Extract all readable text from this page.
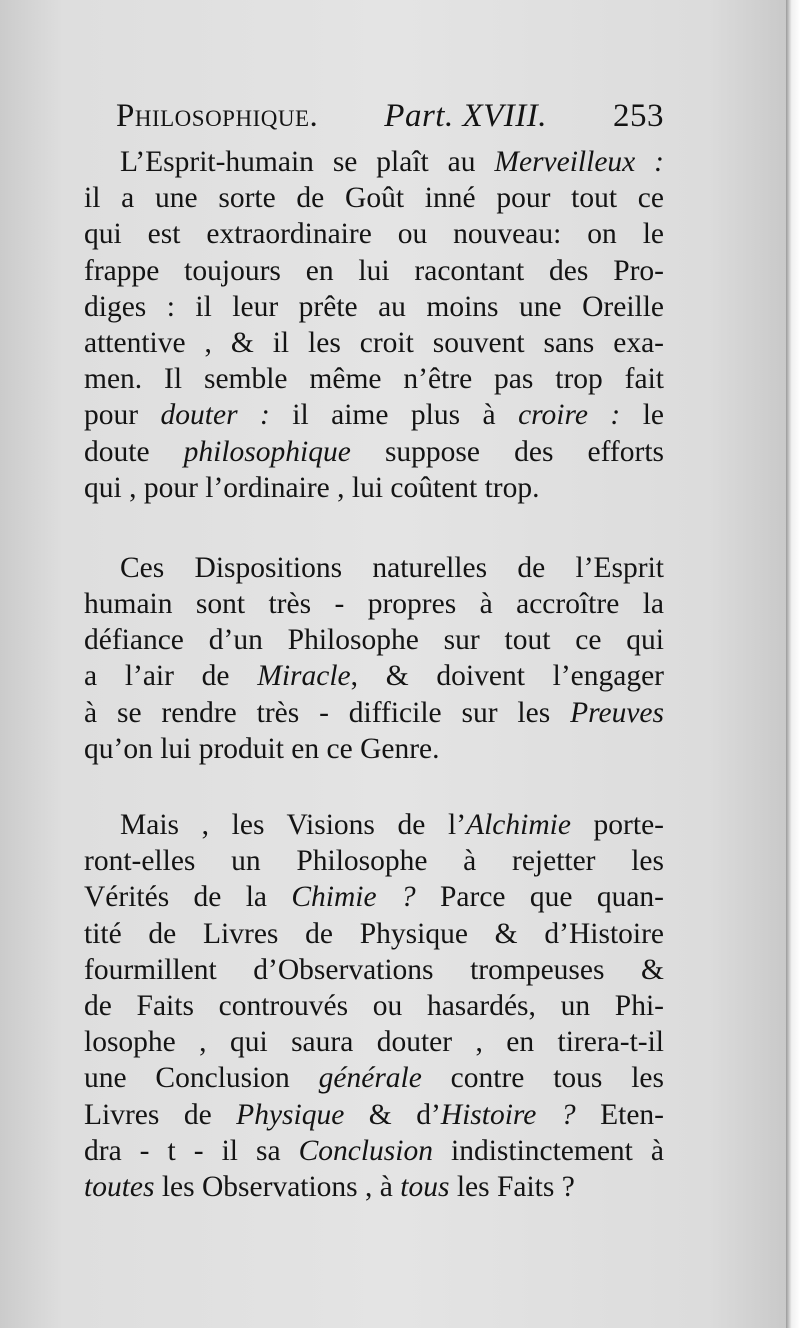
Philosophique. Part. XVIII. 253
L’Esprit-humain se plaît au Merveilleux :
il a une sorte de Goût inné pour tout ce
qui est extraordinaire ou nouveau: on le
frappe toujours en lui racontant des Pro-
diges : il leur prête au moins une Oreille
attentive , & il les croit souvent sans exa-
men. Il semble même n’être pas trop fait
pour douter : il aime plus à croire : le
doute philosophique suppose des efforts
qui , pour l’ordinaire , lui coûtent trop.
Ces Dispositions naturelles de l’Esprit
humain sont très - propres à accroître la
défiance d’un Philosophe sur tout ce qui
a l’air de Miracle, & doivent l’engager
à se rendre très - difficile sur les Preuves
qu’on lui produit en ce Genre.
Mais , les Visions de l’Alchimie porte-
ront-elles un Philosophe à rejetter les
Vérités de la Chimie ? Parce que quan-
tité de Livres de Physique & d’Histoire
fourmillent d’Observations trompeuses &
de Faits controuvés ou hasardés, un Phi-
losophe , qui saura douter , en tirera-t-il
une Conclusion générale contre tous les
Livres de Physique & d’Histoire ? Eten-
dra - t - il sa Conclusion indistinctement à
toutes les Observations , à tous les Faits ?
